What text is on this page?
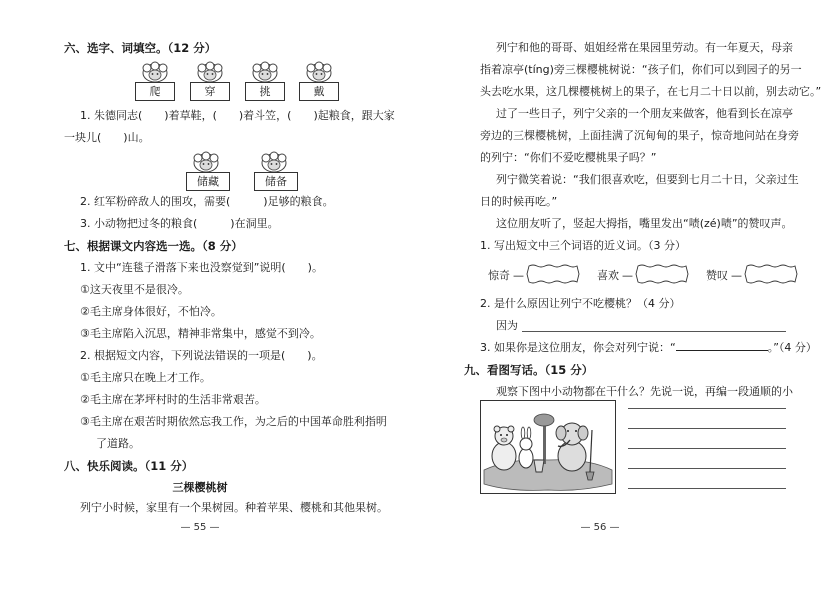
六、选字、词填空。（12 分）
爬	穿	挑	戴
1. 朱德同志(　　)着草鞋，(　　)着斗笠，(　　)起粮食，跟大家
一块儿(　　)山。
储藏	储备
2. 红军粉碎敌人的围攻，需要(　　　)足够的粮食。
3. 小动物把过冬的粮食(　　　)在洞里。
七、根据课文内容选一选。（8 分）
1. 文中“连毯子滑落下来也没察觉到”说明(　　)。
①这天夜里不是很冷。
②毛主席身体很好，不怕冷。
③毛主席陷入沉思，精神非常集中，感觉不到冷。
2. 根据短文内容，下列说法错误的一项是(　　)。
①毛主席只在晚上才工作。
②毛主席在茅坪村时的生活非常艰苦。
③毛主席在艰苦时期依然忘我工作，为之后的中国革命胜利指明
了道路。
八、快乐阅读。（11 分）
三棵樱桃树
列宁小时候，家里有一个果树园。种着苹果、樱桃和其他果树。
— 55 —
列宁和他的哥哥、姐姐经常在果园里劳动。有一年夏天，母亲
指着凉亭(tíng)旁三棵樱桃树说：“孩子们，你们可以到园子的另一
头去吃水果，这几棵樱桃树上的果子，在七月二十日以前，别去动它。”
过了一些日子，列宁父亲的一个朋友来做客，他看到长在凉亭
旁边的三棵樱桃树，上面挂满了沉甸甸的果子，惊奇地问站在身旁
的列宁：“你们不爱吃樱桃果子吗？”
列宁微笑着说：“我们很喜欢吃，但要到七月二十日，父亲过生
日的时候再吃。”
这位朋友听了，竖起大拇指，嘴里发出“啧(zé)啧”的赞叹声。
1. 写出短文中三个词语的近义词。（3 分）
惊奇 —	喜欢 —	赞叹 —
2. 是什么原因让列宁不吃樱桃？（4 分）
因为
3. 如果你是这位朋友，你会对列宁说：“	。”（4 分）
九、看图写话。（15 分）
观察下图中小动物都在干什么？先说一说，再编一段通顺的小
— 56 —
